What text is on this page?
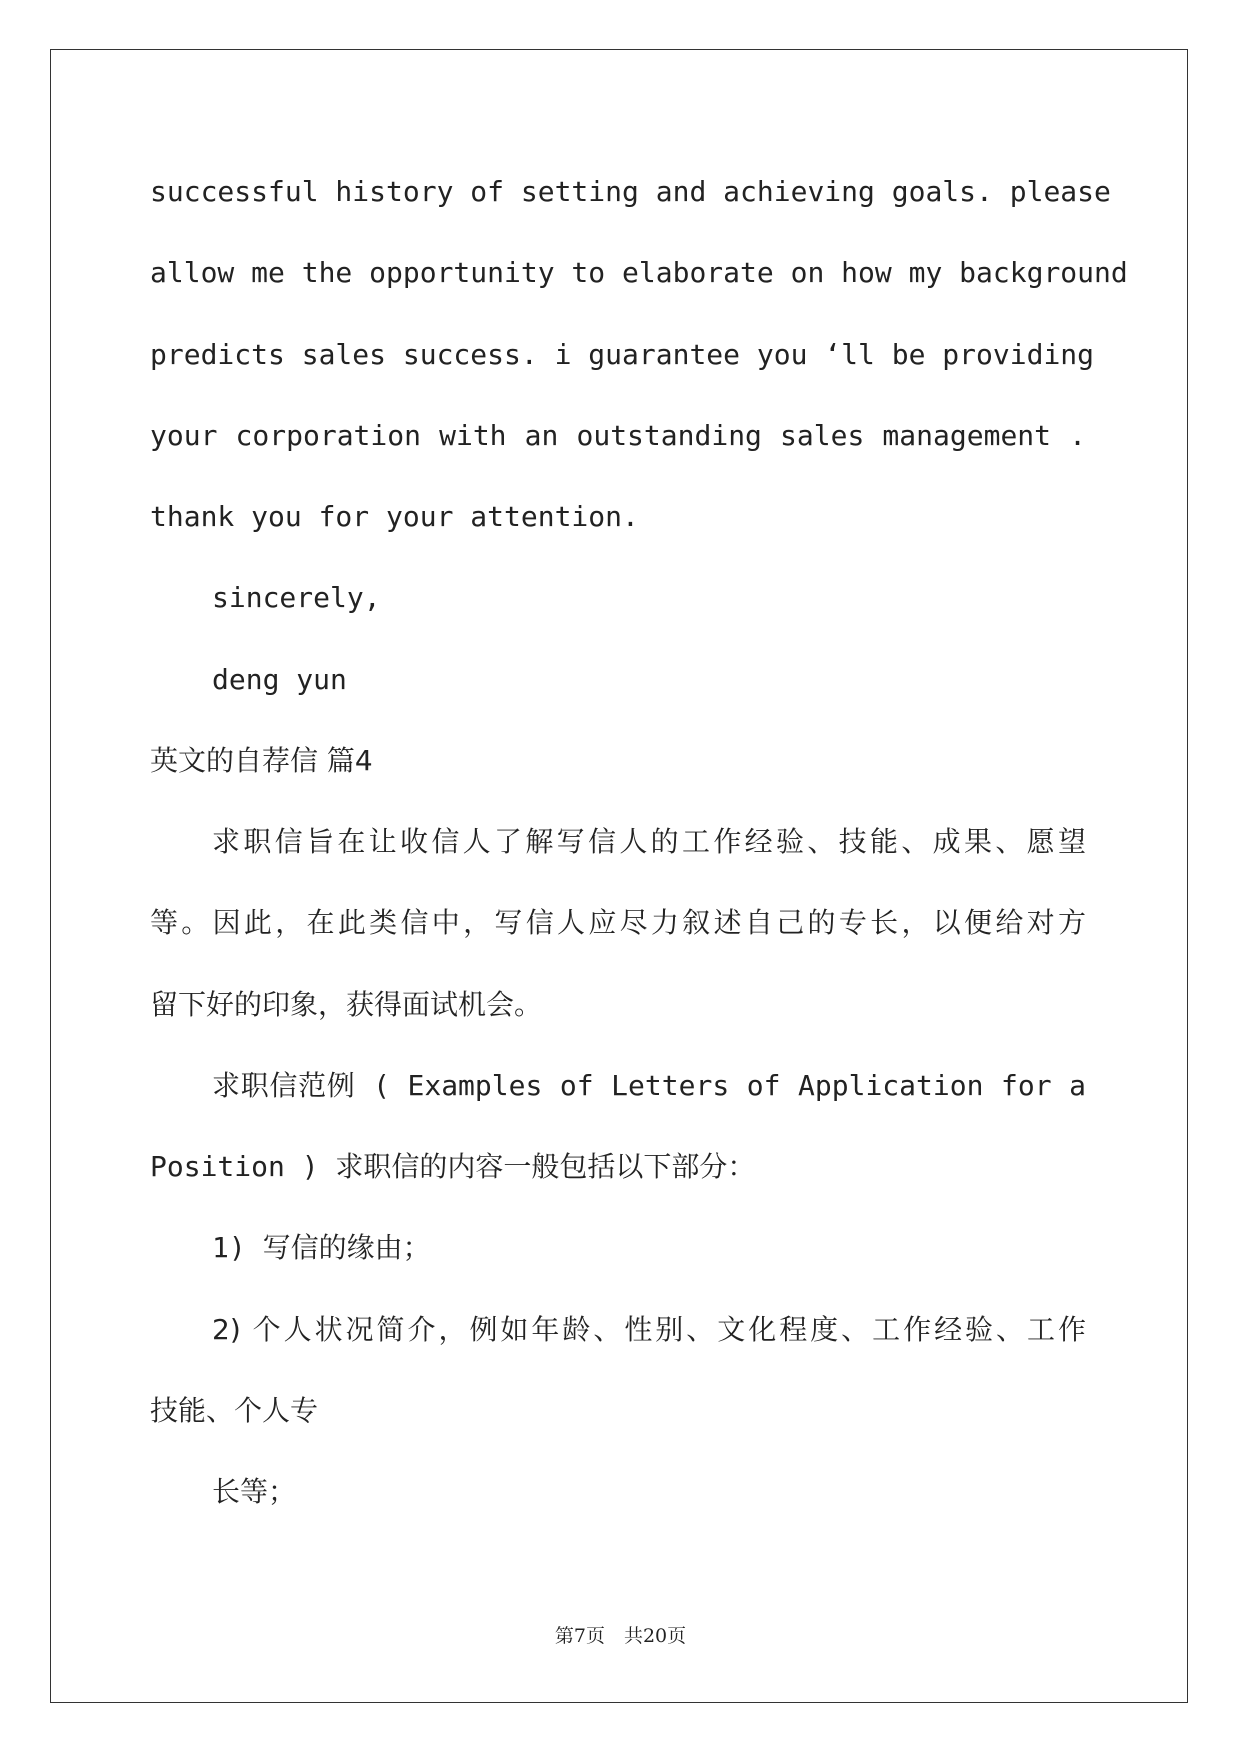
successful history of setting and achieving goals. please
allow me the opportunity to elaborate on how my background
predicts sales success. i guarantee you ‘ll be providing
your corporation with an outstanding sales management .
thank you for your attention.
sincerely,
deng yun
英文的自荐信 篇4
求职信旨在让收信人了解写信人的工作经验、技能、成果、愿望
等。因此，在此类信中，写信人应尽力叙述自己的专长，以便给对方
留下好的印象，获得面试机会。
求职信范例 ( Examples of Letters of Application for a
Position ) 求职信的内容一般包括以下部分：
1) 写信的缘由；
2) 个人状况简介，例如年龄、性别、文化程度、工作经验、工作
技能、个人专
长等；
第7页　共20页
